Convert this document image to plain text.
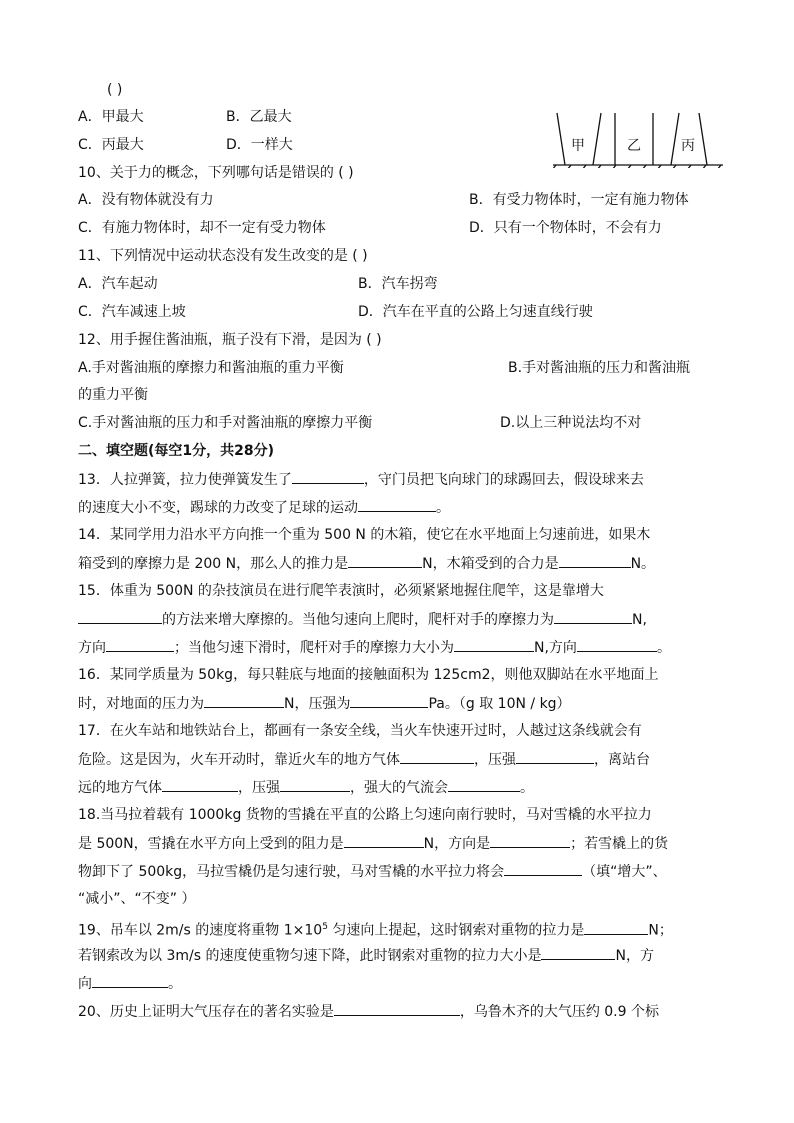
( )
A．甲最大	B．乙最大
C．丙最大	D．一样大	甲	乙	丙
10、关于力的概念，下列哪句话是错误的 ( )
A．没有物体就没有力	B．有受力物体时，一定有施力物体
C．有施力物体时，却不一定有受力物体	D．只有一个物体时，不会有力
11、下列情况中运动状态没有发生改变的是 ( )
A．汽车起动	B．汽车拐弯
C．汽车减速上坡	D．汽车在平直的公路上匀速直线行驶
12、用手握住酱油瓶，瓶子没有下滑，是因为 ( )
A.手对酱油瓶的摩擦力和酱油瓶的重力平衡	B.手对酱油瓶的压力和酱油瓶
的重力平衡
C.手对酱油瓶的压力和手对酱油瓶的摩擦力平衡	D.以上三种说法均不对
二、填空题(每空1分，共28分)
13．人拉弹簧，拉力使弹簧发生了	，守门员把飞向球门的球踢回去，假设球来去
的速度大小不变，踢球的力改变了足球的运动	。
14．某同学用力沿水平方向推一个重为 500 N 的木箱，使它在水平地面上匀速前进，如果木
箱受到的摩擦力是 200 N，那么人的推力是	N，木箱受到的合力是	N。
15．体重为 500N 的杂技演员在进行爬竿表演时，必须紧紧地握住爬竿，这是靠增大
的方法来增大摩擦的。当他匀速向上爬时，爬杆对手的摩擦力为	N,
方向	；当他匀速下滑时，爬杆对手的摩擦力大小为	N,方向	。
16．某同学质量为 50kg，每只鞋底与地面的接触面积为 125cm2，则他双脚站在水平地面上
时，对地面的压力为	N，压强为	Pa。（g 取 10N / kg）
17．在火车站和地铁站台上，都画有一条安全线，当火车快速开过时，人越过这条线就会有
危险。这是因为，火车开动时，靠近火车的地方气体	，压强	，离站台
远的地方气体	，压强	，强大的气流会	。
18.当马拉着载有 1000kg 货物的雪撬在平直的公路上匀速向南行驶时，马对雪橇的水平拉力
是 500N，雪撬在水平方向上受到的阻力是	N，方向是	；若雪橇上的货
物卸下了 500kg，马拉雪橇仍是匀速行驶，马对雪橇的水平拉力将会	（填“增大”、
“减小”、“不变” ）
19、吊车以 2m/s 的速度将重物 $1\times 10^5$ 匀速向上提起，这时钢索对重物的拉力是	N；
若钢索改为以 3m/s 的速度使重物匀速下降，此时钢索对重物的拉力大小是	N，方
向	。
20、历史上证明大气压存在的著名实验是	，乌鲁木齐的大气压约 0.9 个标
